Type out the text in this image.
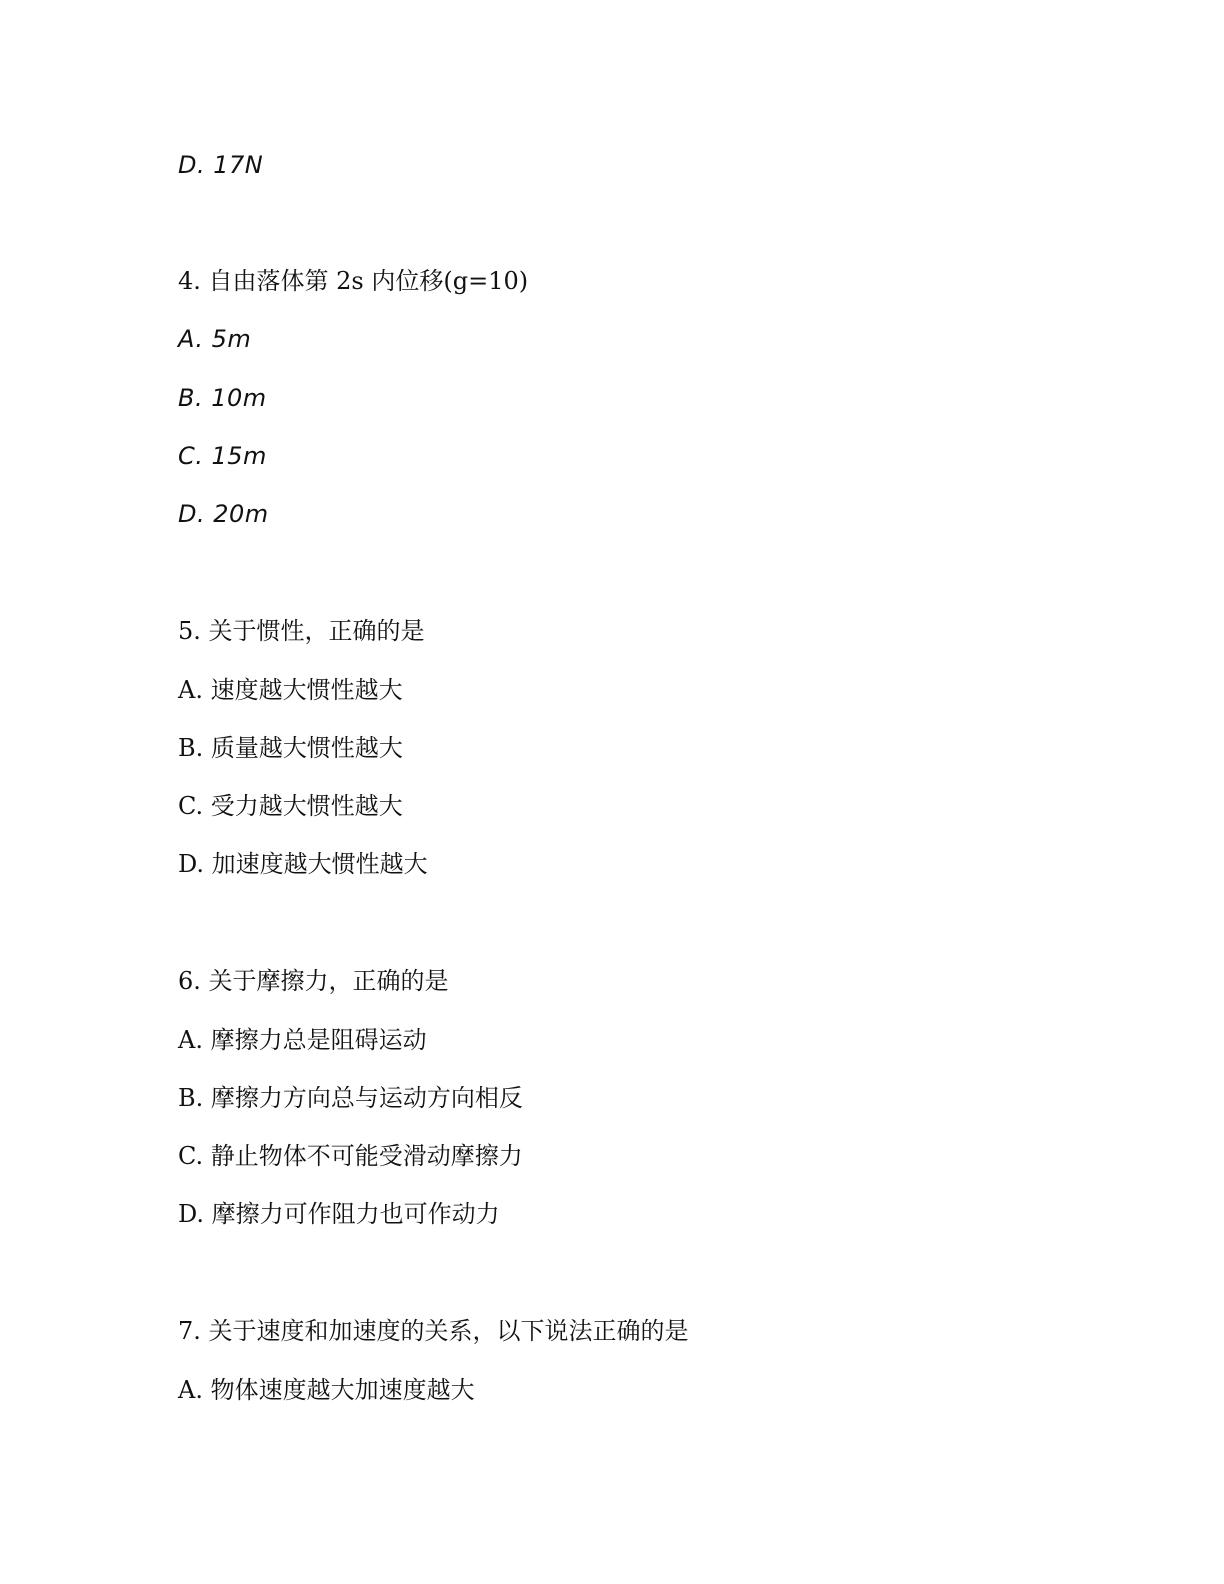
D. 17N
4. 自由落体第 2s 内位移(g=10)
A. 5m
B. 10m
C. 15m
D. 20m
5. 关于惯性，正确的是
A. 速度越大惯性越大
B. 质量越大惯性越大
C. 受力越大惯性越大
D. 加速度越大惯性越大
6. 关于摩擦力，正确的是
A. 摩擦力总是阻碍运动
B. 摩擦力方向总与运动方向相反
C. 静止物体不可能受滑动摩擦力
D. 摩擦力可作阻力也可作动力
7. 关于速度和加速度的关系，以下说法正确的是
A. 物体速度越大加速度越大
